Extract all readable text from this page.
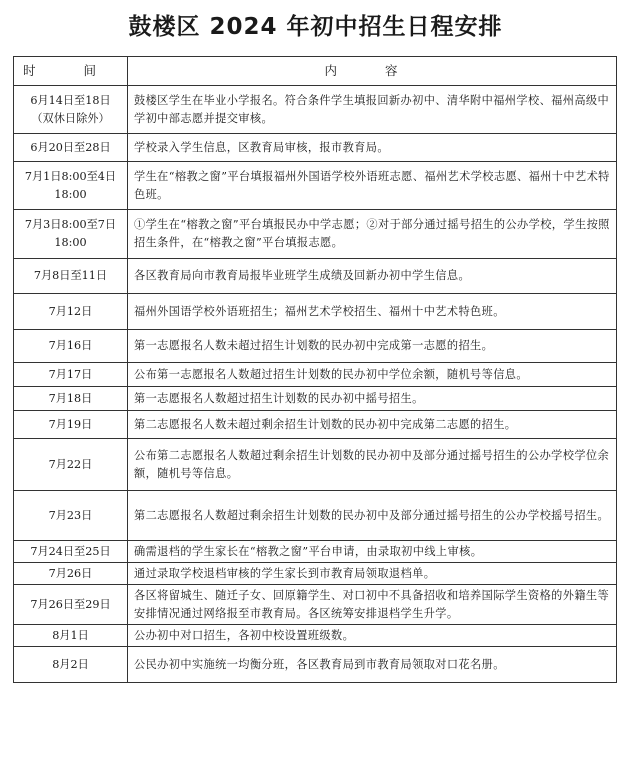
鼓楼区 2024 年初中招生日程安排
时 间	内 容
6月14日至18日
（双休日除外）	鼓楼区学生在毕业小学报名。符合条件学生填报回新办初中、清华附中福州学校、福州高级中学初中部志愿并提交审核。
6月20日至28日	学校录入学生信息，区教育局审核，报市教育局。
7月1日8:00至4日18:00	学生在“榕教之窗”平台填报福州外国语学校外语班志愿、福州艺术学校志愿、福州十中艺术特色班。
7月3日8:00至7日18:00	①学生在“榕教之窗”平台填报民办中学志愿；②对于部分通过摇号招生的公办学校，学生按照招生条件，在“榕教之窗”平台填报志愿。
7月8日至11日	各区教育局向市教育局报毕业班学生成绩及回新办初中学生信息。
7月12日	福州外国语学校外语班招生；福州艺术学校招生、福州十中艺术特色班。
7月16日	第一志愿报名人数未超过招生计划数的民办初中完成第一志愿的招生。
7月17日	公布第一志愿报名人数超过招生计划数的民办初中学位余额，随机号等信息。
7月18日	第一志愿报名人数超过招生计划数的民办初中摇号招生。
7月19日	第二志愿报名人数未超过剩余招生计划数的民办初中完成第二志愿的招生。
7月22日	公布第二志愿报名人数超过剩余招生计划数的民办初中及部分通过摇号招生的公办学校学位余额，随机号等信息。
7月23日	第二志愿报名人数超过剩余招生计划数的民办初中及部分通过摇号招生的公办学校摇号招生。
7月24日至25日	确需退档的学生家长在“榕教之窗”平台申请，由录取初中线上审核。
7月26日	通过录取学校退档审核的学生家长到市教育局领取退档单。
7月26日至29日	各区将留城生、随迁子女、回原籍学生、对口初中不具备招收和培养国际学生资格的外籍生等安排情况通过网络报至市教育局。各区统筹安排退档学生升学。
8月1日	公办初中对口招生，各初中校设置班级数。
8月2日	公民办初中实施统一均衡分班，各区教育局到市教育局领取对口花名册。
